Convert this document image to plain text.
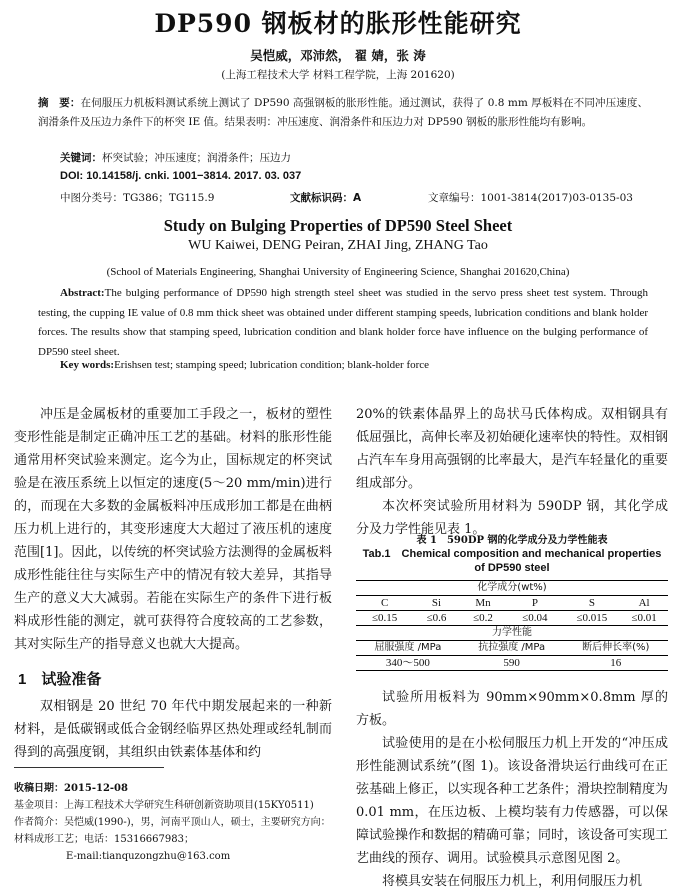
DP590 钢板材的胀形性能研究
吴恺威，邓沛然， 翟 婧，张 涛
(上海工程技术大学 材料工程学院，上海 201620)
摘　要：在伺服压力机板料测试系统上测试了 DP590 高强钢板的胀形性能。通过测试，获得了 0.8 mm 厚板料在不同冲压速度、润滑条件及压边力条件下的杯突 IE 值。结果表明：冲压速度、润滑条件和压边力对 DP590 钢板的胀形性能均有影响。
关键词：杯突试验；冲压速度；润滑条件；压边力
DOI: 10.14158/j. cnki. 1001−3814. 2017. 03. 037
中图分类号：TG386；TG115.9	文献标识码：A	文章编号：1001-3814(2017)03-0135-03
Study on Bulging Properties of DP590 Steel Sheet
WU Kaiwei, DENG Peiran, ZHAI Jing, ZHANG Tao
(School of Materials Engineering, Shanghai University of Engineering Science, Shanghai 201620,China)
Abstract:The bulging performance of DP590 high strength steel sheet was studied in the servo press sheet test system. Through testing, the cupping IE value of 0.8 mm thick sheet was obtained under different stamping speeds, lubrication conditions and blank holder forces. The results show that stamping speed, lubrication condition and blank holder force have influence on the bulging performance of DP590 steel sheet.
Key words:Erishsen test; stamping speed; lubrication condition; blank-holder force
冲压是金属板材的重要加工手段之一，板材的塑性变形性能是制定正确冲压工艺的基础。材料的胀形性能通常用杯突试验来测定。迄今为止，国标规定的杯突试验是在液压系统上以恒定的速度(5～20 mm/min)进行的，而现在大多数的金属板料冲压成形加工都是在曲柄压力机上进行的，其变形速度大大超过了液压机的速度范围[1]。因此，以传统的杯突试验方法测得的金属板料成形性能往往与实际生产中的情况有较大差异，其指导生产的意义大大减弱。若能在实际生产的条件下进行板料成形性能的测定，就可获得符合度较高的工艺参数，其对实际生产的指导意义也就大大提高。
1　试验准备
双相钢是 20 世纪 70 年代中期发展起来的一种新材料，是低碳钢或低合金钢经临界区热处理或经轧制而得到的高强度钢，其组织由铁素体基体和约
收稿日期：2015-12-08
基金项目：上海工程技术大学研究生科研创新资助项目(15KY0511)
作者简介：吴恺威(1990-)，男，河南平顶山人，硕士，主要研究方向：材料成形工艺；电话：15316667983；
E-mail:tianquzongzhu@163.com
20%的铁素体晶界上的岛状马氏体构成。双相钢具有低屈强比，高伸长率及初始硬化速率快的特性。双相钢占汽车车身用高强钢的比率最大，是汽车轻量化的重要组成部分。
本次杯突试验所用材料为 590DP 钢，其化学成分及力学性能见表 1。
表 1　590DP 钢的化学成分及力学性能表
Tab.1　Chemical composition and mechanical properties of DP590 steel
化学成分(wt%)					
C	Si	Mn	P	S	Al
≤0.15	≤0.6	≤0.2	≤0.04	≤0.015	≤0.01
力学性能					
屈服强度 /MPa		抗拉强度 /MPa		断后伸长率(%)	
340～500		590		16	
试验所用板料为 90mm×90mm×0.8mm 厚的方板。
试验使用的是在小松伺服压力机上开发的“冲压成形性能测试系统”(图 1)。该设备滑块运行曲线可在正弦基础上修正，以实现各种工艺条件；滑块控制精度为 0.01 mm，在压边板、上模均装有力传感器，可以保障试验操作和数据的精确可靠；同时，该设备可实现工艺曲线的预存、调用。试验模具示意图见图 2。
将模具安装在伺服压力机上，利用伺服压力机
